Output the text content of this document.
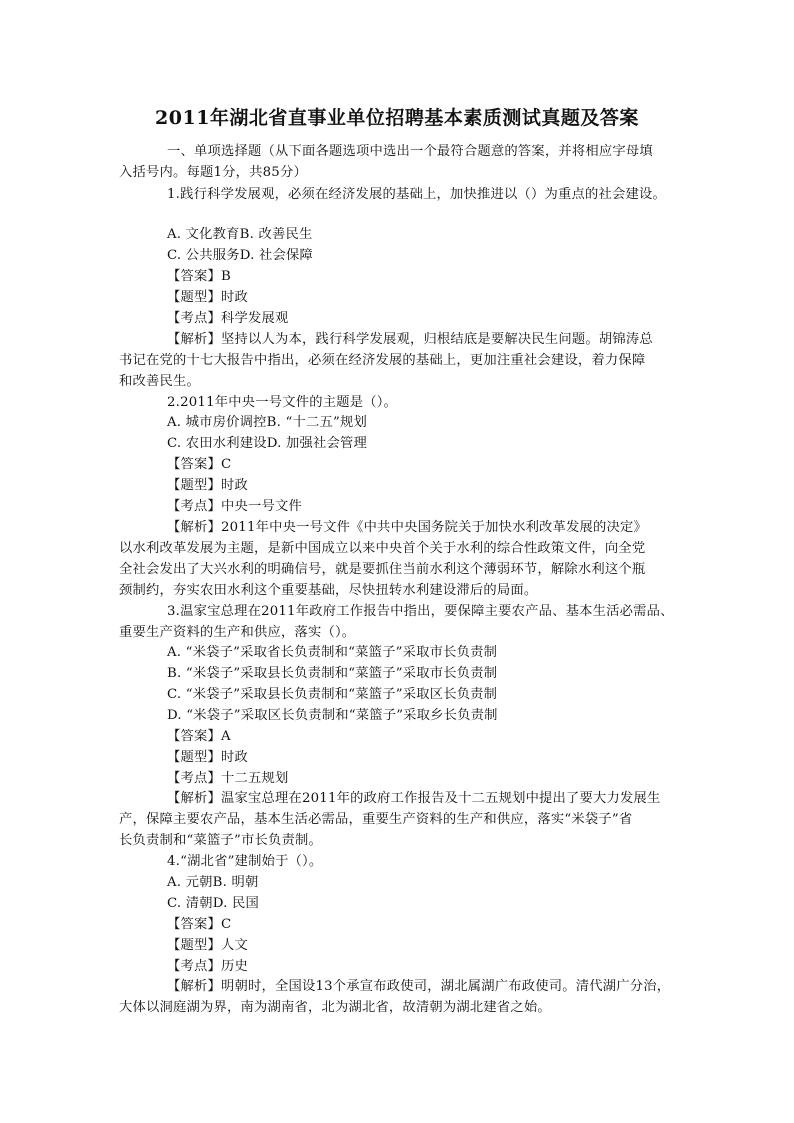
2011年湖北省直事业单位招聘基本素质测试真题及答案
一、单项选择题（从下面各题选项中选出一个最符合题意的答案，并将相应字母填
入括号内。每题1分，共85分）
1.践行科学发展观，必须在经济发展的基础上，加快推进以（）为重点的社会建设。
A. 文化教育B. 改善民生
C. 公共服务D. 社会保障
【答案】B
【题型】时政
【考点】科学发展观
【解析】坚持以人为本，践行科学发展观，归根结底是要解决民生问题。胡锦涛总
书记在党的十七大报告中指出，必须在经济发展的基础上，更加注重社会建设，着力保障
和改善民生。
2.2011年中央一号文件的主题是（）。
A. 城市房价调控B. “十二五”规划
C. 农田水利建设D. 加强社会管理
【答案】C
【题型】时政
【考点】中央一号文件
【解析】2011年中央一号文件《中共中央国务院关于加快水利改革发展的决定》
以水利改革发展为主题，是新中国成立以来中央首个关于水利的综合性政策文件，向全党
全社会发出了大兴水利的明确信号，就是要抓住当前水利这个薄弱环节，解除水利这个瓶
颈制约，夯实农田水利这个重要基础，尽快扭转水利建设滞后的局面。
3.温家宝总理在2011年政府工作报告中指出，要保障主要农产品、基本生活必需品、
重要生产资料的生产和供应，落实（）。
A. “米袋子”采取省长负责制和“菜篮子”采取市长负责制
B. “米袋子”采取县长负责制和“菜篮子”采取市长负责制
C. “米袋子”采取县长负责制和“菜篮子”采取区长负责制
D. “米袋子”采取区长负责制和“菜篮子”采取乡长负责制
【答案】A
【题型】时政
【考点】十二五规划
【解析】温家宝总理在2011年的政府工作报告及十二五规划中提出了要大力发展生
产，保障主要农产品，基本生活必需品，重要生产资料的生产和供应，落实“米袋子”省
长负责制和“菜篮子”市长负责制。
4.“湖北省”建制始于（）。
A. 元朝B. 明朝
C. 清朝D. 民国
【答案】C
【题型】人文
【考点】历史
【解析】明朝时，全国设13个承宣布政使司，湖北属湖广布政使司。清代湖广分治，
大体以洞庭湖为界，南为湖南省，北为湖北省，故清朝为湖北建省之始。
